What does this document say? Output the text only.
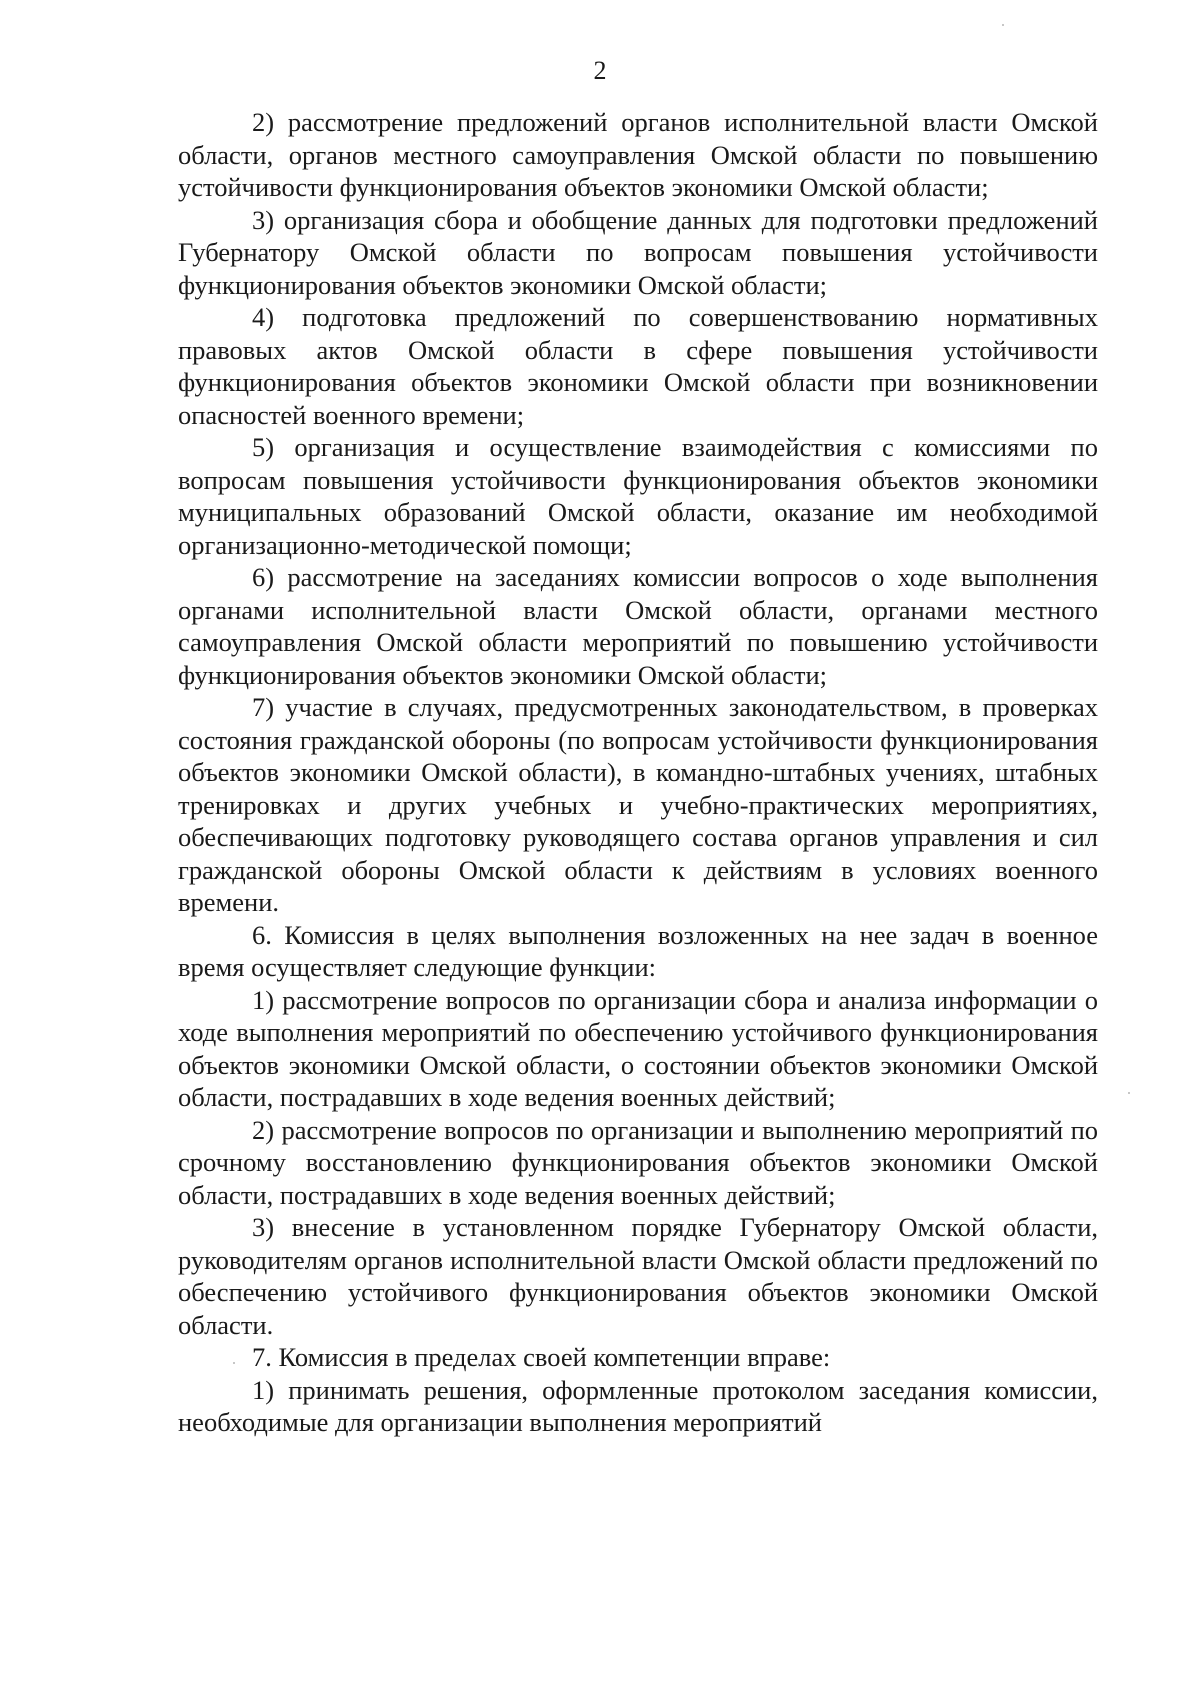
2

2) рассмотрение предложений органов исполнительной власти Омской области, органов местного самоуправления Омской области по повышению устойчивости функционирования объектов экономики Омской области;

3) организация сбора и обобщение данных для подготовки предложений Губернатору Омской области по вопросам повышения устойчивости функционирования объектов экономики Омской области;

4) подготовка предложений по совершенствованию нормативных правовых актов Омской области в сфере повышения устойчивости функционирования объектов экономики Омской области при возникновении опасностей военного времени;

5) организация и осуществление взаимодействия с комиссиями по вопросам повышения устойчивости функционирования объектов экономики муниципальных образований Омской области, оказание им необходимой организационно-методической помощи;

6) рассмотрение на заседаниях комиссии вопросов о ходе выполнения органами исполнительной власти Омской области, органами местного самоуправления Омской области мероприятий по повышению устойчивости функционирования объектов экономики Омской области;

7) участие в случаях, предусмотренных законодательством, в проверках состояния гражданской обороны (по вопросам устойчивости функционирования объектов экономики Омской области), в командно-штабных учениях, штабных тренировках и других учебных и учебно-практических мероприятиях, обеспечивающих подготовку руководящего состава органов управления и сил гражданской обороны Омской области к действиям в условиях военного времени.

6. Комиссия в целях выполнения возложенных на нее задач в военное время осуществляет следующие функции:

1) рассмотрение вопросов по организации сбора и анализа информации о ходе выполнения мероприятий по обеспечению устойчивого функционирования объектов экономики Омской области, о состоянии объектов экономики Омской области, пострадавших в ходе ведения военных действий;

2) рассмотрение вопросов по организации и выполнению мероприятий по срочному восстановлению функционирования объектов экономики Омской области, пострадавших в ходе ведения военных действий;

3) внесение в установленном порядке Губернатору Омской области, руководителям органов исполнительной власти Омской области предложений по обеспечению устойчивого функционирования объектов экономики Омской области.

7. Комиссия в пределах своей компетенции вправе:

1) принимать решения, оформленные протоколом заседания комиссии, необходимые для организации выполнения мероприятий
